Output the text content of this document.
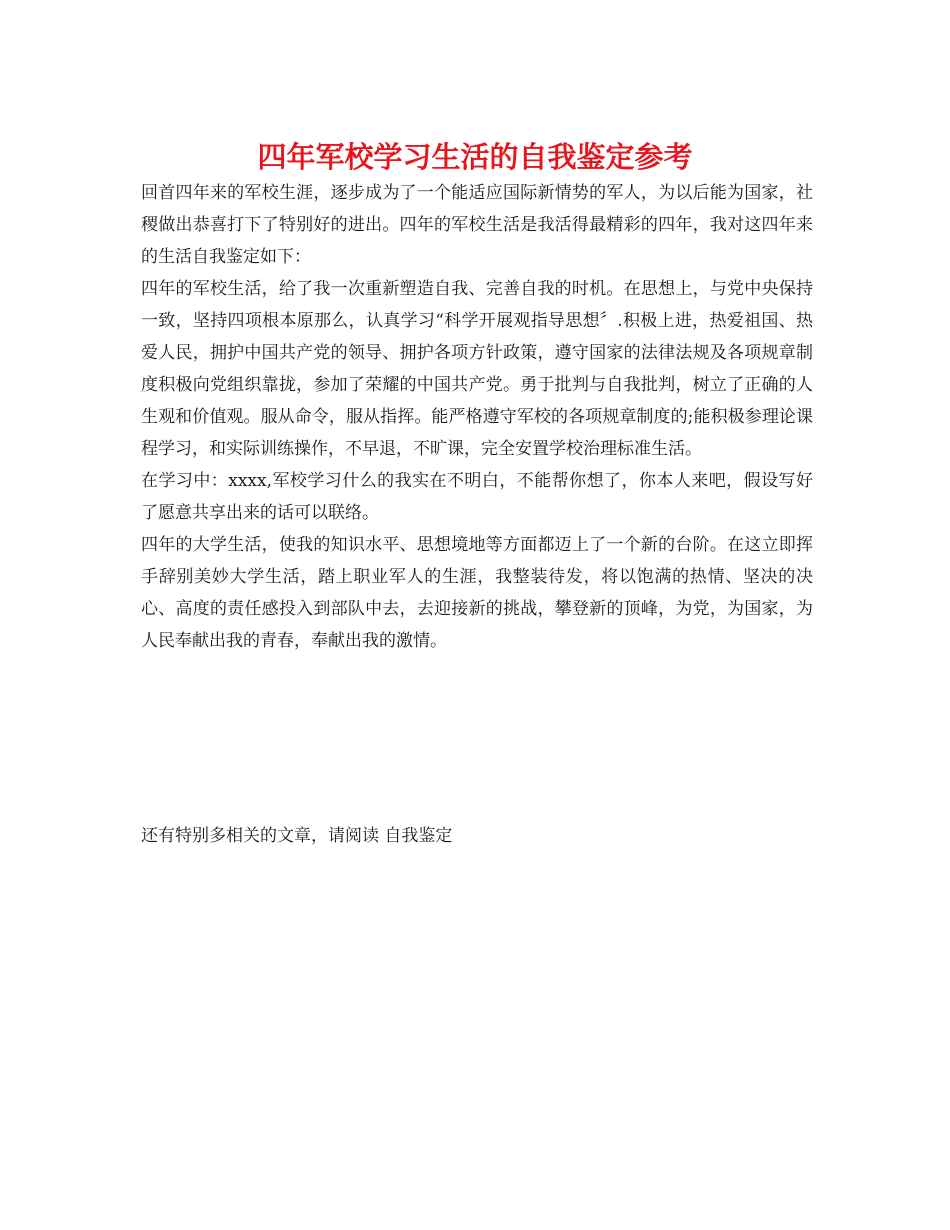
四年军校学习生活的自我鉴定参考

回首四年来的军校生涯，逐步成为了一个能适应国际新情势的军人，为以后能为国家，社稷做出恭喜打下了特别好的进出。四年的军校生活是我活得最精彩的四年，我对这四年来的生活自我鉴定如下：

四年的军校生活，给了我一次重新塑造自我、完善自我的时机。在思想上，与党中央保持一致，坚持四项根本原那么，认真学习“科学开展观指导思想〞.积极上进，热爱祖国、热爱人民，拥护中国共产党的领导、拥护各项方针政策，遵守国家的法律法规及各项规章制度积极向党组织靠拢，参加了荣耀的中国共产党。勇于批判与自我批判，树立了正确的人生观和价值观。服从命令，服从指挥。能严格遵守军校的各项规章制度的;能积极参理论课程学习，和实际训练操作，不早退，不旷课，完全安置学校治理标准生活。

在学习中：xxxx,军校学习什么的我实在不明白，不能帮你想了，你本人来吧，假设写好了愿意共享出来的话可以联络。

四年的大学生活，使我的知识水平、思想境地等方面都迈上了一个新的台阶。在这立即挥手辞别美妙大学生活，踏上职业军人的生涯，我整装待发，将以饱满的热情、坚决的决心、高度的责任感投入到部队中去，去迎接新的挑战，攀登新的顶峰，为党，为国家，为人民奉献出我的青春，奉献出我的激情。

还有特别多相关的文章，请阅读 自我鉴定
